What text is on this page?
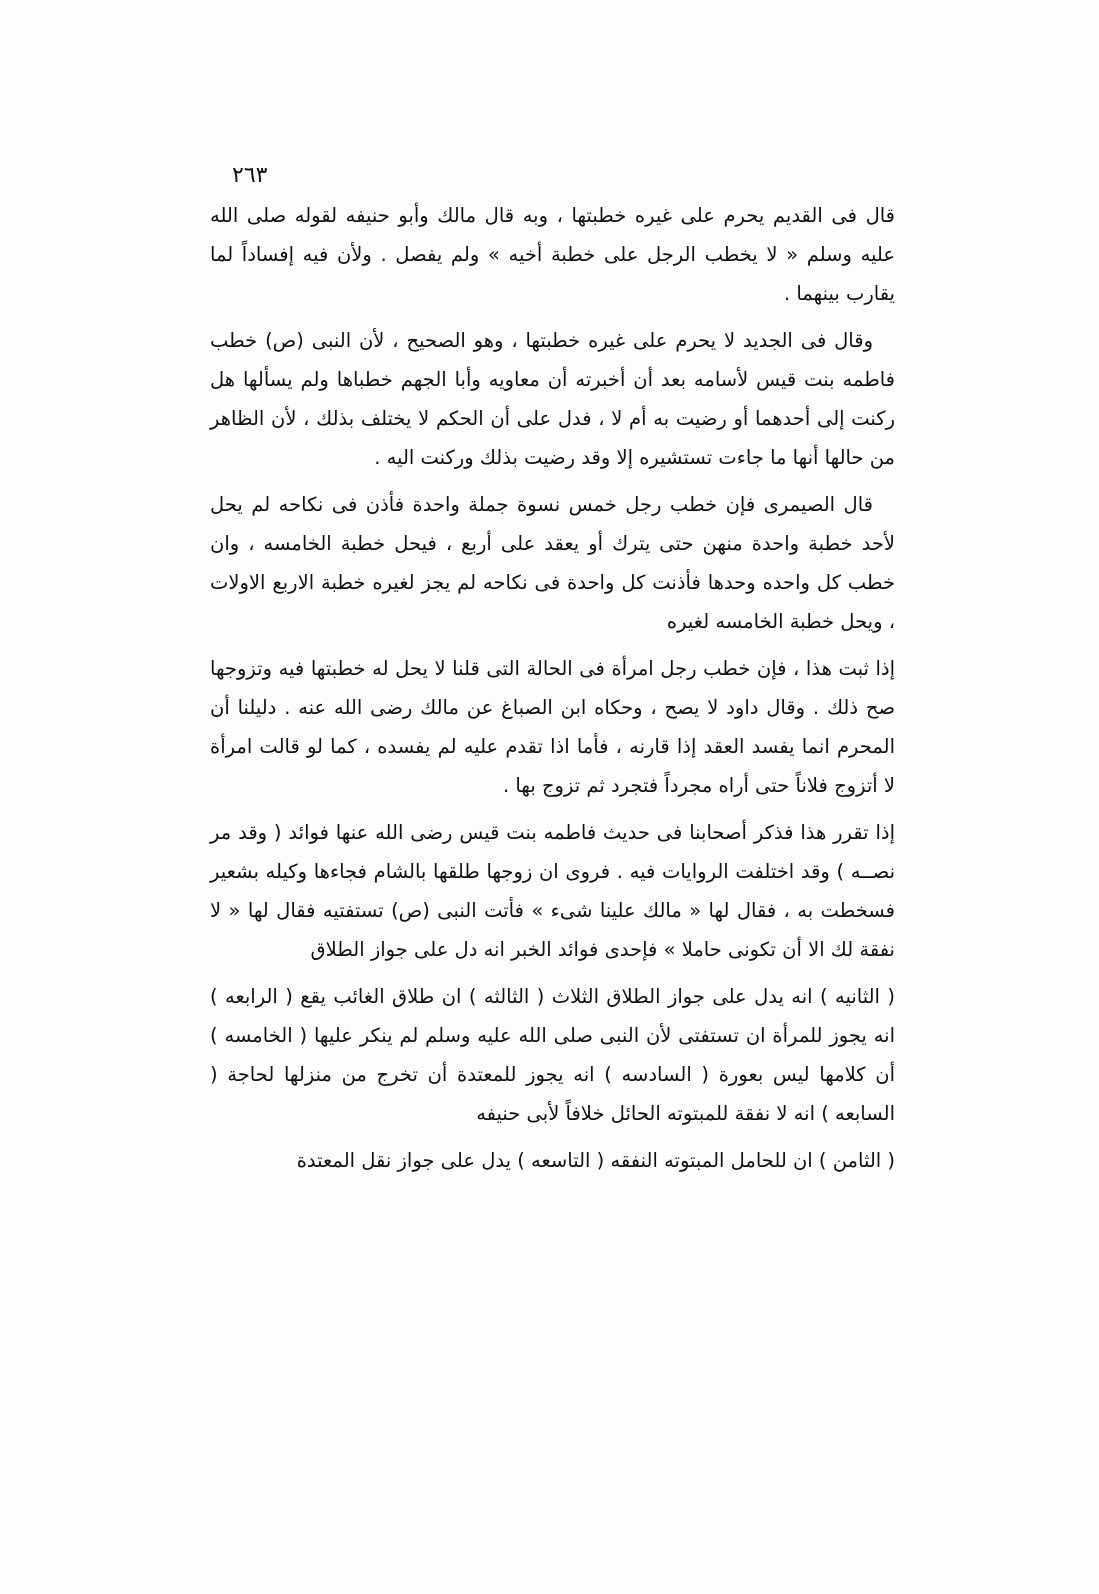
٢٦٣

قال فى القديم يحرم على غيره خطبتها ، وبه قال مالك وأبو حنيفه لقوله صلى الله عليه وسلم « لا يخطب الرجل على خطبة أخيه » ولم يفصل . ولأن فيه إفساداً لما يقارب بينهما .

وقال فى الجديد لا يحرم على غيره خطبتها ، وهو الصحيح ، لأن النبى (ص) خطب فاطمه بنت قيس لأسامه بعد أن أخبرته أن معاويه وأبا الجهم خطباها ولم يسألها هل ركنت إلى أحدهما أو رضيت به أم لا ، فدل على أن الحكم لا يختلف بذلك ، لأن الظاهر من حالها أنها ما جاءت تستشيره إلا وقد رضيت بذلك وركنت اليه .

قال الصيمرى فإن خطب رجل خمس نسوة جملة واحدة فأذن فى نكاحه لم يحل لأحد خطبة واحدة منهن حتى يترك أو يعقد على أربع ، فيحل خطبة الخامسه ، وان خطب كل واحده وحدها فأذنت كل واحدة فى نكاحه لم يجز لغيره خطبة الاربع الاولات ، ويحل خطبة الخامسه لغيره

إذا ثبت هذا ، فإن خطب رجل امرأة فى الحالة التى قلنا لا يحل له خطبتها فيه وتزوجها صح ذلك . وقال داود لا يصح ، وحكاه ابن الصباغ عن مالك رضى الله عنه . دليلنا أن المحرم انما يفسد العقد إذا قارنه ، فأما اذا تقدم عليه لم يفسده ، كما لو قالت امرأة لا أتزوج فلاناً حتى أراه مجرداً فتجرد ثم تزوج بها .

إذا تقرر هذا فذكر أصحابنا فى حديث فاطمه بنت قيس رضى الله عنها فوائد ( وقد مر نصــه ) وقد اختلفت الروايات فيه . فروى ان زوجها طلقها بالشام فجاءها وكيله بشعير فسخطت به ، فقال لها « مالك علينا شىء » فأتت النبى (ص) تستفتيه فقال لها « لا نفقة لك الا أن تكونى حاملا » فإحدى فوائد الخبر انه دل على جواز الطلاق

( الثانيه ) انه يدل على جواز الطلاق الثلاث ( الثالثه ) ان طلاق الغائب يقع ( الرابعه ) انه يجوز للمرأة ان تستفتى لأن النبى صلى الله عليه وسلم لم ينكر عليها ( الخامسه ) أن كلامها ليس بعورة ( السادسه ) انه يجوز للمعتدة أن تخرج من منزلها لحاجة ( السابعه ) انه لا نفقة للمبتوته الحائل خلافاً لأبى حنيفه

( الثامن ) ان للحامل المبتوته النفقه ( التاسعه ) يدل على جواز نقل المعتدة
